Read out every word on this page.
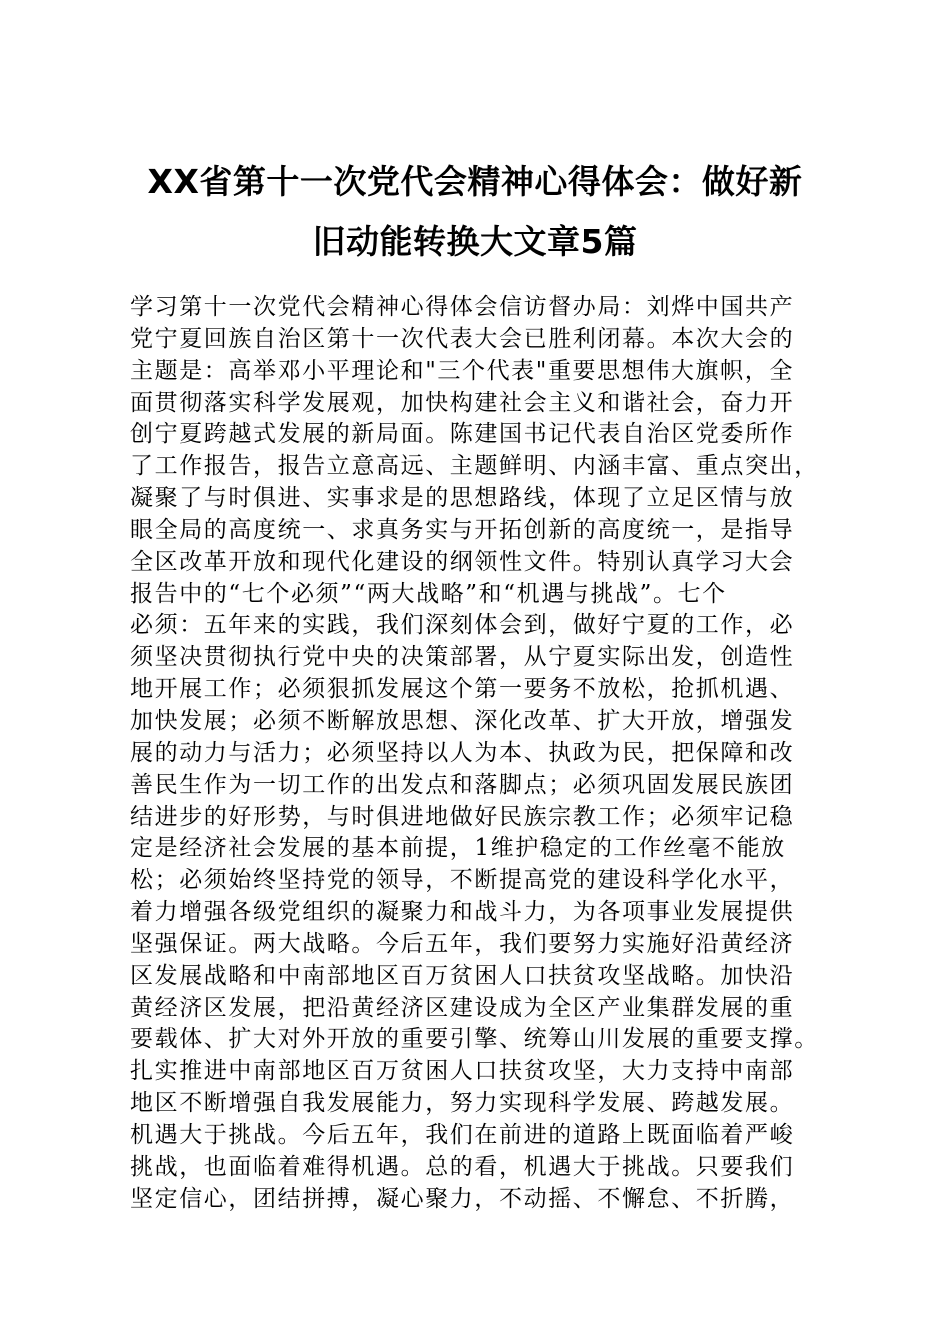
XX省第十一次党代会精神心得体会：做好新
旧动能转换大文章5篇
学习第十一次党代会精神心得体会信访督办局：刘烨中国共产
党宁夏回族自治区第十一次代表大会已胜利闭幕。本次大会的
主题是：高举邓小平理论和"三个代表"重要思想伟大旗帜，全
面贯彻落实科学发展观，加快构建社会主义和谐社会，奋力开
创宁夏跨越式发展的新局面。陈建国书记代表自治区党委所作
了工作报告，报告立意高远、主题鲜明、内涵丰富、重点突出，
凝聚了与时俱进、实事求是的思想路线，体现了立足区情与放
眼全局的高度统一、求真务实与开拓创新的高度统一，是指导
全区改革开放和现代化建设的纲领性文件。特别认真学习大会
报告中的“七个必须”“两大战略”和“机遇与挑战”。七个
必须：五年来的实践，我们深刻体会到，做好宁夏的工作，必
须坚决贯彻执行党中央的决策部署，从宁夏实际出发，创造性
地开展工作；必须狠抓发展这个第一要务不放松，抢抓机遇、
加快发展；必须不断解放思想、深化改革、扩大开放，增强发
展的动力与活力；必须坚持以人为本、执政为民，把保障和改
善民生作为一切工作的出发点和落脚点；必须巩固发展民族团
结进步的好形势，与时俱进地做好民族宗教工作；必须牢记稳
定是经济社会发展的基本前提，1维护稳定的工作丝毫不能放
松；必须始终坚持党的领导，不断提高党的建设科学化水平，
着力增强各级党组织的凝聚力和战斗力，为各项事业发展提供
坚强保证。两大战略。今后五年，我们要努力实施好沿黄经济
区发展战略和中南部地区百万贫困人口扶贫攻坚战略。加快沿
黄经济区发展，把沿黄经济区建设成为全区产业集群发展的重
要载体、扩大对外开放的重要引擎、统筹山川发展的重要支撑。
扎实推进中南部地区百万贫困人口扶贫攻坚，大力支持中南部
地区不断增强自我发展能力，努力实现科学发展、跨越发展。
机遇大于挑战。今后五年，我们在前进的道路上既面临着严峻
挑战，也面临着难得机遇。总的看，机遇大于挑战。只要我们
坚定信心，团结拼搏，凝心聚力，不动摇、不懈怠、不折腾，
